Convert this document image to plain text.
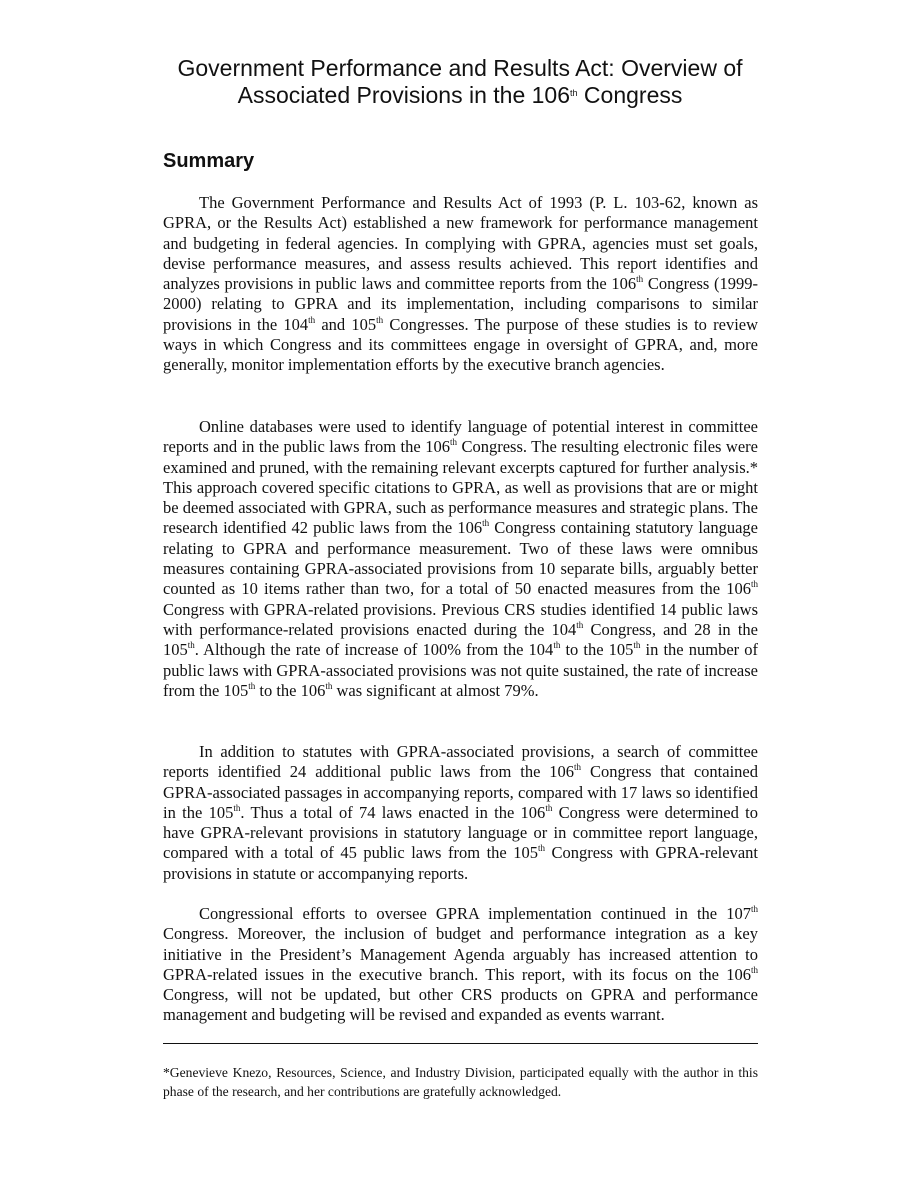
Government Performance and Results Act: Overview of
Associated Provisions in the 106th Congress
Summary

The Government Performance and Results Act of 1993 (P. L. 103-62, known as GPRA, or the Results Act) established a new framework for performance management and budgeting in federal agencies. In complying with GPRA, agencies must set goals, devise performance measures, and assess results achieved. This report identifies and analyzes provisions in public laws and committee reports from the 106th Congress (1999-2000) relating to GPRA and its implementation, including comparisons to similar provisions in the 104th and 105th Congresses. The purpose of these studies is to review ways in which Congress and its committees engage in oversight of GPRA, and, more generally, monitor implementation efforts by the executive branch agencies.

Online databases were used to identify language of potential interest in committee reports and in the public laws from the 106th Congress. The resulting electronic files were examined and pruned, with the remaining relevant excerpts captured for further analysis.* This approach covered specific citations to GPRA, as well as provisions that are or might be deemed associated with GPRA, such as performance measures and strategic plans. The research identified 42 public laws from the 106th Congress containing statutory language relating to GPRA and performance measurement. Two of these laws were omnibus measures containing GPRA-associated provisions from 10 separate bills, arguably better counted as 10 items rather than two, for a total of 50 enacted measures from the 106th Congress with GPRA-related provisions. Previous CRS studies identified 14 public laws with performance-related provisions enacted during the 104th Congress, and 28 in the 105th. Although the rate of increase of 100% from the 104th to the 105th in the number of public laws with GPRA-associated provisions was not quite sustained, the rate of increase from the 105th to the 106th was significant at almost 79%.

In addition to statutes with GPRA-associated provisions, a search of committee reports identified 24 additional public laws from the 106th Congress that contained GPRA-associated passages in accompanying reports, compared with 17 laws so identified in the 105th. Thus a total of 74 laws enacted in the 106th Congress were determined to have GPRA-relevant provisions in statutory language or in committee report language, compared with a total of 45 public laws from the 105th Congress with GPRA-relevant provisions in statute or accompanying reports.

Congressional efforts to oversee GPRA implementation continued in the 107th Congress. Moreover, the inclusion of budget and performance integration as a key initiative in the President’s Management Agenda arguably has increased attention to GPRA-related issues in the executive branch. This report, with its focus on the 106th Congress, will not be updated, but other CRS products on GPRA and performance management and budgeting will be revised and expanded as events warrant.

*Genevieve Knezo, Resources, Science, and Industry Division, participated equally with the author in this phase of the research, and her contributions are gratefully acknowledged.
